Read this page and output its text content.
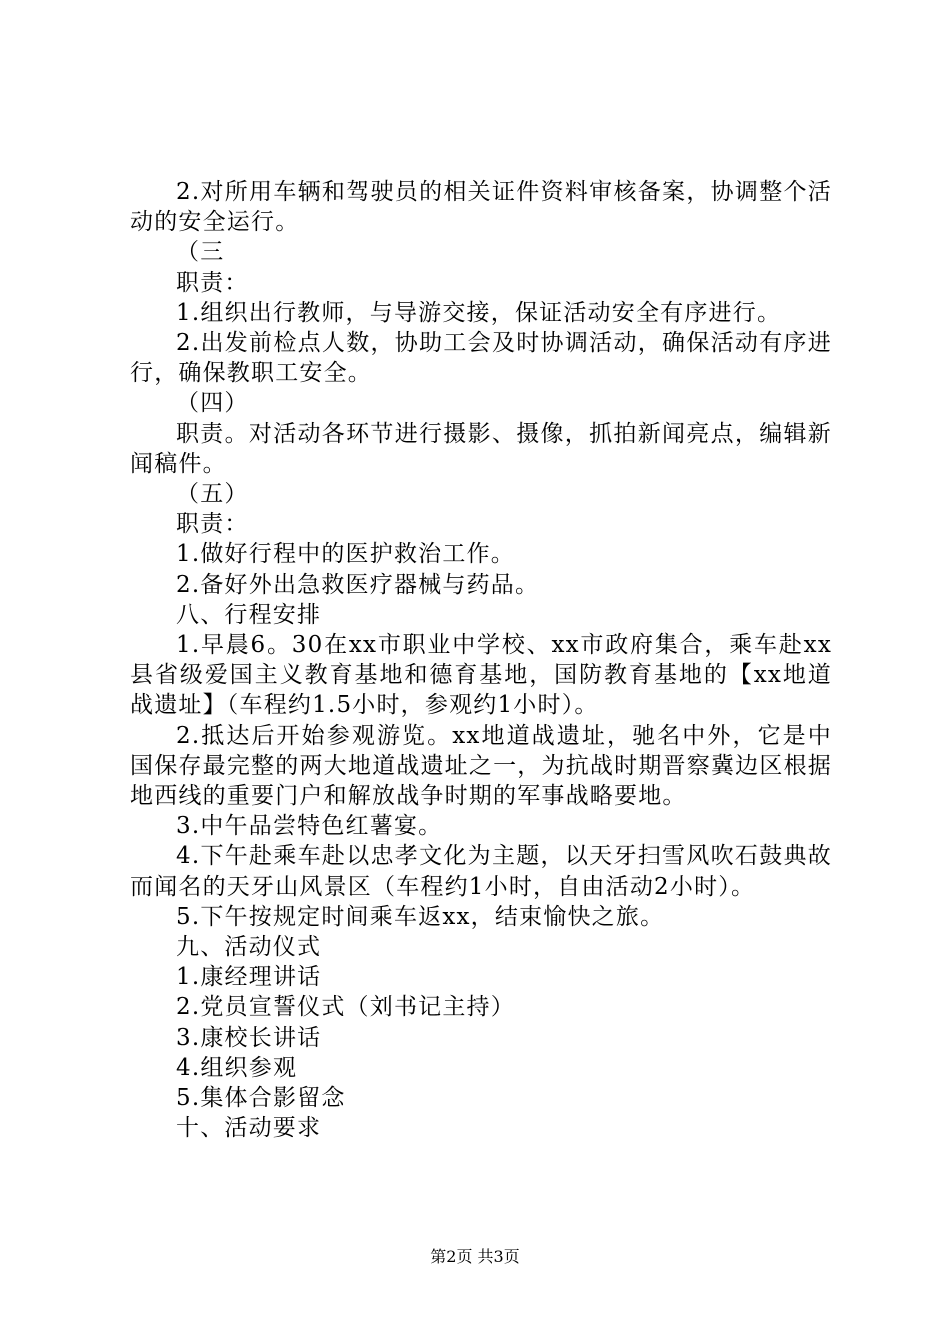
2.对所用车辆和驾驶员的相关证件资料审核备案，协调整个活动的安全运行。

（三

职责：

1.组织出行教师，与导游交接，保证活动安全有序进行。

2.出发前检点人数，协助工会及时协调活动，确保活动有序进行，确保教职工安全。

（四）

职责。对活动各环节进行摄影、摄像，抓拍新闻亮点，编辑新闻稿件。

（五）

职责：

1.做好行程中的医护救治工作。

2.备好外出急救医疗器械与药品。

八、行程安排

1.早晨6。30在xx市职业中学校、xx市政府集合，乘车赴xx县省级爱国主义教育基地和德育基地，国防教育基地的【xx地道战遗址】（车程约1.5小时，参观约1小时）。

2.抵达后开始参观游览。xx地道战遗址，驰名中外，它是中国保存最完整的两大地道战遗址之一，为抗战时期晋察冀边区根据地西线的重要门户和解放战争时期的军事战略要地。

3.中午品尝特色红薯宴。

4.下午赴乘车赴以忠孝文化为主题，以天牙扫雪风吹石鼓典故而闻名的天牙山风景区（车程约1小时，自由活动2小时）。

5.下午按规定时间乘车返xx，结束愉快之旅。

九、活动仪式

1.康经理讲话

2.党员宣誓仪式（刘书记主持）

3.康校长讲话

4.组织参观

5.集体合影留念

十、活动要求

第2页 共3页
